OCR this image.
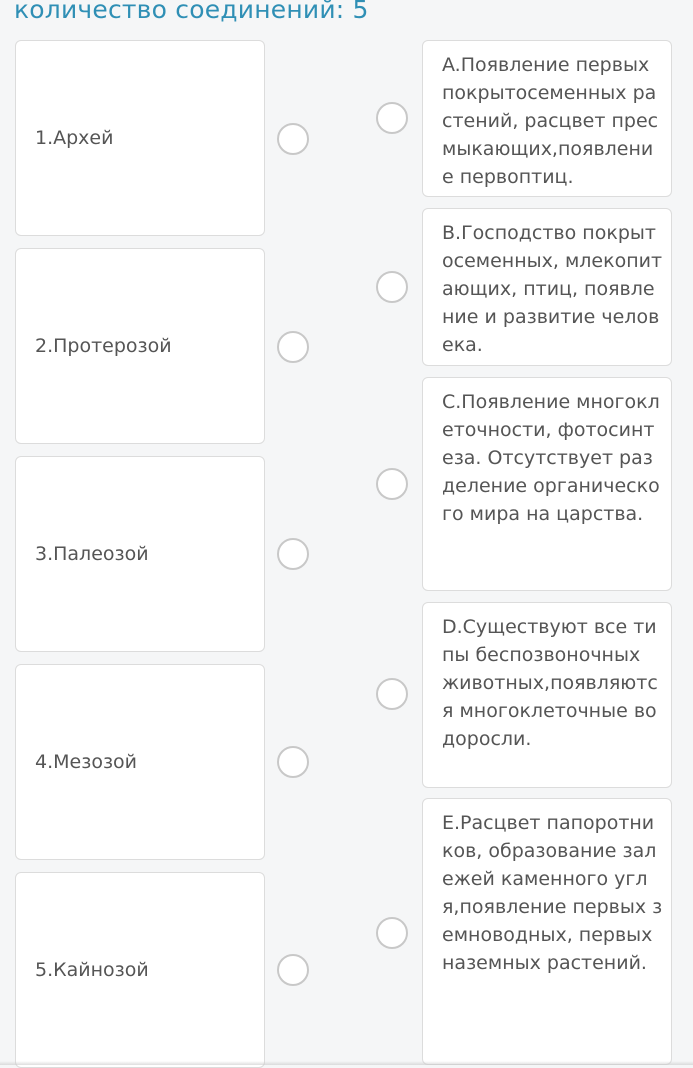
количество соединений: 5
1.Архей
2.Протерозой
3.Палеозой
4.Мезозой
5.Кайнозой
A.Появление первых покрытосеменных растений, расцвет пресмыкающих,появление первоптиц.
B.Господство покрытосеменных, млекопитающих, птиц, появление и развитие человека.
C.Появление многоклеточности, фотосинтеза. Отсутствует разделение органического мира на царства.
D.Существуют все типы беспозвоночных животных,появляются многоклеточные водоросли.
E.Расцвет папоротников, образование залежей каменного угля,появление первых земноводных, первых наземных растений.
